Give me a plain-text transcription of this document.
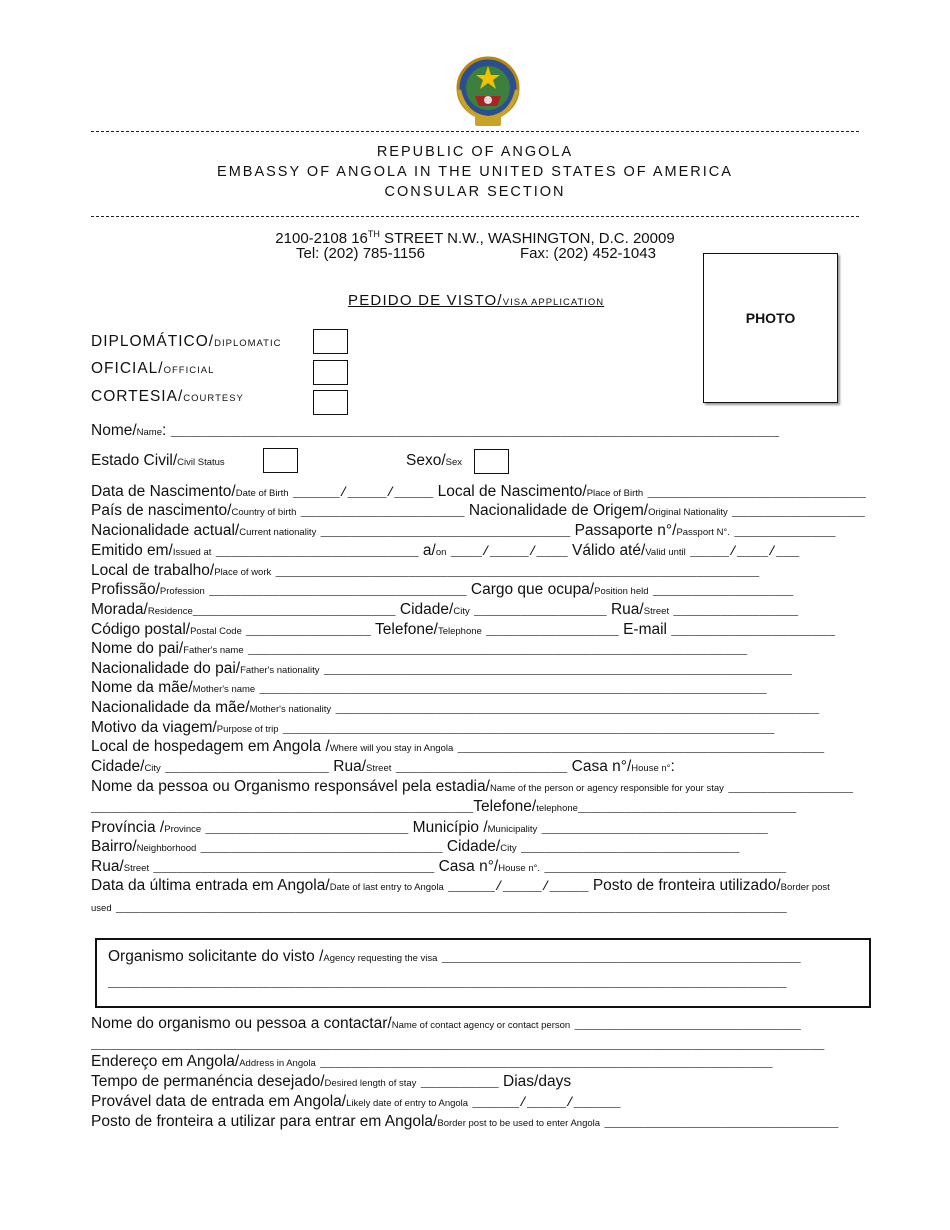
REPUBLIC OF ANGOLA
EMBASSY OF ANGOLA IN THE UNITED STATES OF AMERICA
CONSULAR SECTION
2100-2108 16TH STREET N.W., WASHINGTON, D.C. 20009
Tel: (202) 785-1156	Fax: (202) 452-1043
PHOTO
PEDIDO DE VISTO/VISA APPLICATION
DIPLOMÁTICO/DIPLOMATIC
OFICIAL/OFFICIAL
CORTESIA/COURTESY
Nome/Name: ______________________________________________________________________________
Estado Civil/Civil Status	Sexo/Sex
Data de Nascimento/Date of Birth ______/_____/_____ Local de Nascimento/Place of Birth ____________________________
País de nascimento/Country of birth _____________________ Nacionalidade de Origem/Original Nationality _________________
Nacionalidade actual/Current nationality ________________________________ Passaporte n°/Passport N°. _____________
Emitido em/Issued at __________________________ a/on ____/_____/____ Válido até/Valid until _____/____/___
Local de trabalho/Place of work ______________________________________________________________
Profissão/Profession _________________________________ Cargo que ocupa/Position held __________________
Morada/Residence__________________________ Cidade/City _________________ Rua/Street ________________
Código postal/Postal Code ________________ Telefone/Telephone _________________ E-mail _____________________
Nome do pai/Father's name ________________________________________________________________
Nacionalidade do pai/Father's nationality ____________________________________________________________
Nome da mãe/Mother's name _________________________________________________________________
Nacionalidade da mãe/Mother's nationality ______________________________________________________________
Motivo da viagem/Purpose of trip _______________________________________________________________
Local de hospedagem em Angola /Where will you stay in Angola _______________________________________________
Cidade/City _____________________ Rua/Street ______________________ Casa n°/House n°:
Nome da pessoa ou Organismo responsável pela estadia/Name of the person or agency responsible for your stay ________________
_________________________________________________Telefone/telephone____________________________
Província /Province __________________________ Município /Municipality _____________________________
Bairro/Neighborhood _______________________________ Cidade/City ____________________________
Rua/Street ____________________________________ Casa n°/House n°. _______________________________
Data da última entrada em Angola/Date of last entry to Angola ______/_____/_____ Posto de fronteira utilizado/Border post
used ______________________________________________________________________________________
Organismo solicitante do visto /Agency requesting the visa ______________________________________________
_______________________________________________________________________________________
Nome do organismo ou pessoa a contactar/Name of contact agency or contact person _____________________________
______________________________________________________________________________________________
Endereço em Angola/Address in Angola __________________________________________________________
Tempo de permanéncia desejado/Desired length of stay __________ Dias/days
Provável data de entrada em Angola/Likely date of entry to Angola ______/_____/______
Posto de fronteira a utilizar para entrar em Angola/Border post to be used to enter Angola ______________________________
